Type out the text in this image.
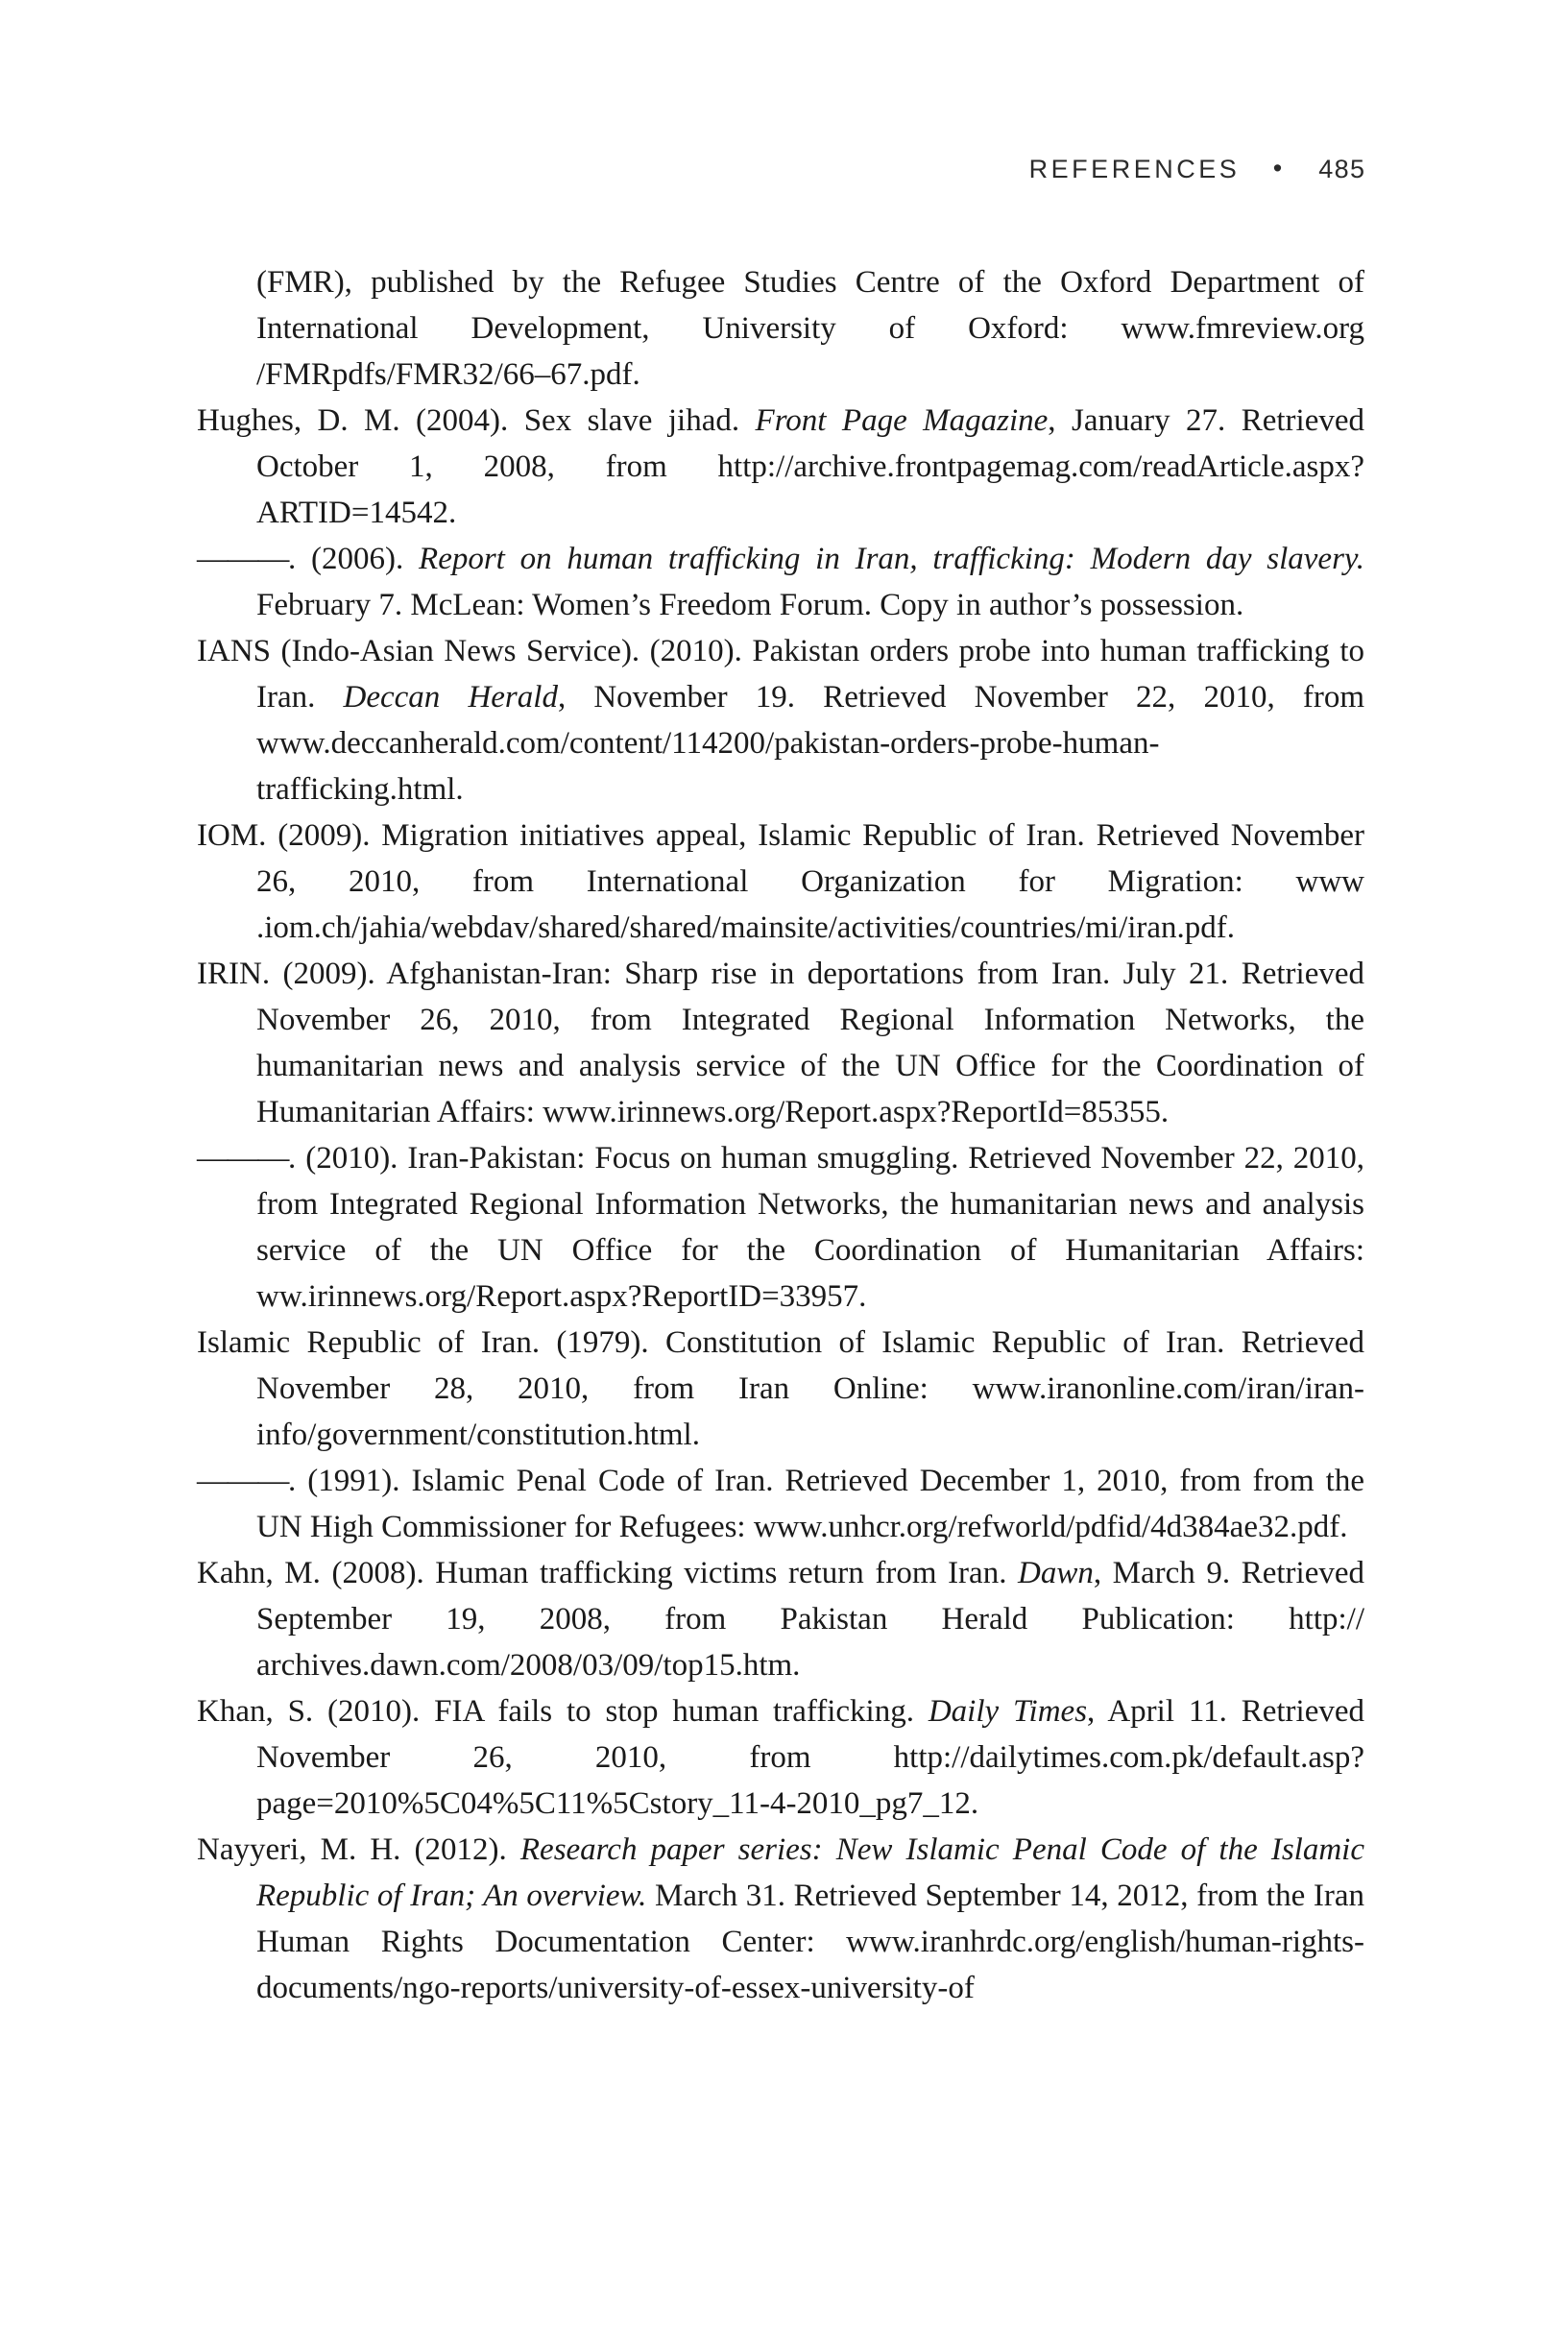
REFERENCES • 485

(FMR), published by the Refugee Studies Centre of the Oxford Department of International Development, University of Oxford: www.fmreview.org​/FMRpdfs/FMR32/66–67.pdf.

Hughes, D. M. (2004). Sex slave jihad. Front Page Magazine, January 27. Retrieved October 1, 2008, from http://archive.frontpagemag.com/readArticle.aspx​?ARTID=14542.

———. (2006). Report on human trafficking in Iran, trafficking: Modern day slavery. February 7. McLean: Women’s Freedom Forum. Copy in author’s possession.

IANS (Indo-Asian News Service). (2010). Pakistan orders probe into human trafficking to Iran. Deccan Herald, November 19. Retrieved November 22, 2010, from www.deccanherald.com/content/114200/pakistan-orders-probe-human​-trafficking.html.

IOM. (2009). Migration initiatives appeal, Islamic Republic of Iran. Retrieved November 26, 2010, from International Organization for Migration: www​.iom.ch/jahia/webdav/shared/shared/mainsite/activities/countries/mi/iran.​pdf.

IRIN. (2009). Afghanistan-Iran: Sharp rise in deportations from Iran. July 21. Retrieved November 26, 2010, from Integrated Regional Information Networks, the humanitarian news and analysis service of the UN Office for the Coordination of Humanitarian Affairs: www.irinnews.org/Report.aspx​?ReportId=85355.

———. (2010). Iran-Pakistan: Focus on human smuggling. Retrieved November 22, 2010, from Integrated Regional Information Networks, the humanitarian news and analysis service of the UN Office for the Coordination of Humanitarian Affairs: ww.irinnews.org/Report.aspx?ReportID=33957.

Islamic Republic of Iran. (1979). Constitution of Islamic Republic of Iran. Retrieved November 28, 2010, from Iran Online: www.iranonline.com/iran​/iran-info/government/constitution.html.

———. (1991). Islamic Penal Code of Iran. Retrieved December 1, 2010, from from the UN High Commissioner for Refugees: www.unhcr.org/refworld​/pdfid/4d384ae32.pdf.

Kahn, M. (2008). Human trafficking victims return from Iran. Dawn, March 9. Retrieved September 19, 2008, from Pakistan Herald Publication: http://​archives.dawn.com/2008/03/09/top15.htm.

Khan, S. (2010). FIA fails to stop human trafficking. Daily Times, April 11. Retrieved November 26, 2010, from http://dailytimes.com.pk/default.asp​?page=2010%5C04%5C11%5Cstory_11-4-2010_pg7_12.

Nayyeri, M. H. (2012). Research paper series: New Islamic Penal Code of the Islamic Republic of Iran; An overview. March 31. Retrieved September 14, 2012, from the Iran Human Rights Documentation Center: www.iranhrdc.org/english/​human-rights-documents/ngo-reports/university-of-essex-university-of
